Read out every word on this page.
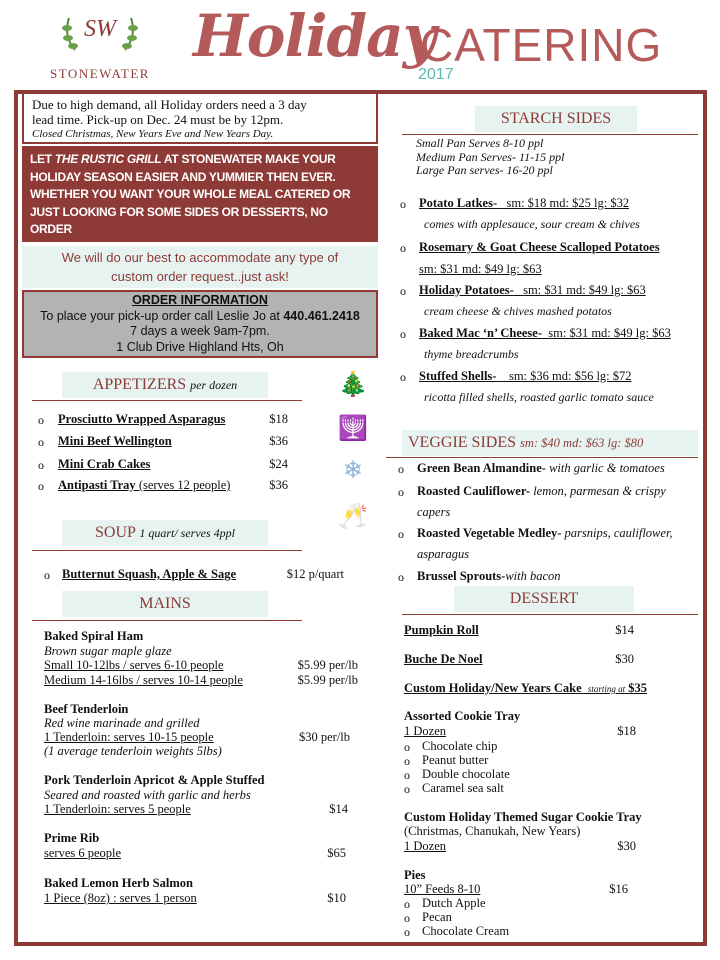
SW
STONEWATER
Holiday
CATERING
2017
Due to high demand, all Holiday orders need a 3 day
lead time. Pick-up on Dec. 24 must be by 12pm.
Closed Christmas, New Years Eve and New Years Day.
LET THE RUSTIC GRILL AT STONEWATER MAKE YOUR
HOLIDAY SEASON EASIER AND YUMMIER THEN EVER.
WHETHER YOU WANT YOUR WHOLE MEAL CATERED OR
JUST LOOKING FOR SOME SIDES OR DESSERTS, NO ORDER
We will do our best to accommodate any type of
custom order request..just ask!
ORDER INFORMATION
To place your pick-up order call Leslie Jo at 440.461.2418
7 days a week 9am-7pm.
1 Club Drive Highland Hts, Oh
APPETIZERS per dozen
o Prosciutto Wrapped Asparagus	$18
o Mini Beef Wellington	$36
o Mini Crab Cakes	$24
o Antipasti Tray (serves 12 people)	$36
🎄
🕎
❄
🥂
SOUP 1 quart/ serves 4ppl
o Butternut Squash, Apple & Sage	$12 p/quart
MAINS
Baked Spiral Ham
Brown sugar maple glaze
Small 10-12lbs / serves 6-10 people	$5.99 per/lb
Medium 14-16lbs / serves 10-14 people	$5.99 per/lb
Beef Tenderloin
Red wine marinade and grilled
1 Tenderloin: serves 10-15 people	$30 per/lb
(1 average tenderloin weights 5lbs)
Pork Tenderloin Apricot & Apple Stuffed
Seared and roasted with garlic and herbs
1 Tenderloin: serves 5 people	$14
Prime Rib
serves 6 people	$65
Baked Lemon Herb Salmon
1 Piece (8oz) : serves 1 person	$10
STARCH SIDES
Small Pan Serves 8-10 ppl
Medium Pan Serves- 11-15 ppl
Large Pan serves- 16-20 ppl
o Potato Latkes- sm: $18 md: $25 lg: $32
comes with applesauce, sour cream & chives
o Rosemary & Goat Cheese Scalloped Potatoes
sm: $31 md: $49 lg: $63
o Holiday Potatoes- sm: $31 md: $49 lg: $63
cream cheese & chives mashed potatos
o Baked Mac ‘n’ Cheese- sm: $31 md: $49 lg: $63
thyme breadcrumbs
o Stuffed Shells- sm: $36 md: $56 lg: $72
ricotta filled shells, roasted garlic tomato sauce
VEGGIE SIDES sm: $40 md: $63 lg: $80
o Green Bean Almandine- with garlic & tomatoes
o Roasted Cauliflower- lemon, parmesan & crispy
capers
o Roasted Vegetable Medley- parsnips, cauliflower,
asparagus
o Brussel Sprouts-with bacon
DESSERT
Pumpkin Roll	$14
Buche De Noel	$30
Custom Holiday/New Years Cake starting at $35
Assorted Cookie Tray
1 Dozen	$18
o Chocolate chip
o Peanut butter
o Double chocolate
o Caramel sea salt
Custom Holiday Themed Sugar Cookie Tray
(Christmas, Chanukah, New Years)
1 Dozen	$30
Pies
10” Feeds 8-10	$16
o Dutch Apple
o Pecan
o Chocolate Cream
